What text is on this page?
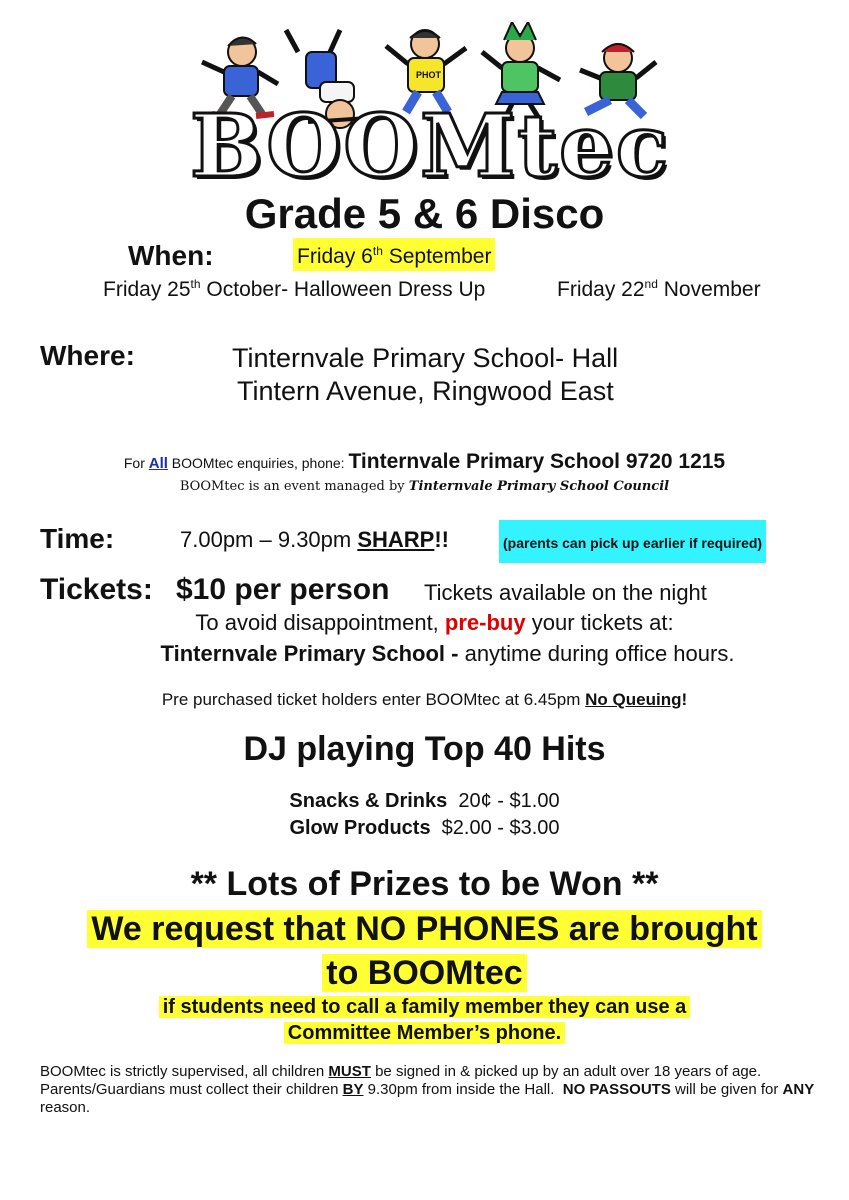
PHOT
BOOMtec
Grade 5 & 6 Disco
When:	Friday 6th September
Friday 25th October- Halloween Dress Up	Friday 22nd November
Where:	Tinternvale Primary School- Hall
Tintern Avenue, Ringwood East
For All BOOMtec enquiries, phone: Tinternvale Primary School 9720 1215
BOOMtec is an event managed by Tinternvale Primary School Council
Time:	7.00pm – 9.30pm SHARP!!	(parents can pick up earlier if required)
Tickets: $10 per person Tickets available on the night
To avoid disappointment, pre-buy your tickets at:
Tinternvale Primary School - anytime during office hours.
Pre purchased ticket holders enter BOOMtec at 6.45pm No Queuing!
DJ playing Top 40 Hits
Snacks & Drinks  20¢ - $1.00
Glow Products  $2.00 - $3.00
** Lots of Prizes to be Won **
We request that NO PHONES are brought
to BOOMtec
if students need to call a family member they can use a
Committee Member’s phone.
BOOMtec is strictly supervised, all children MUST be signed in & picked up by an adult over 18 years of age.
Parents/Guardians must collect their children BY 9.30pm from inside the Hall.  NO PASSOUTS will be given for ANY reason.
